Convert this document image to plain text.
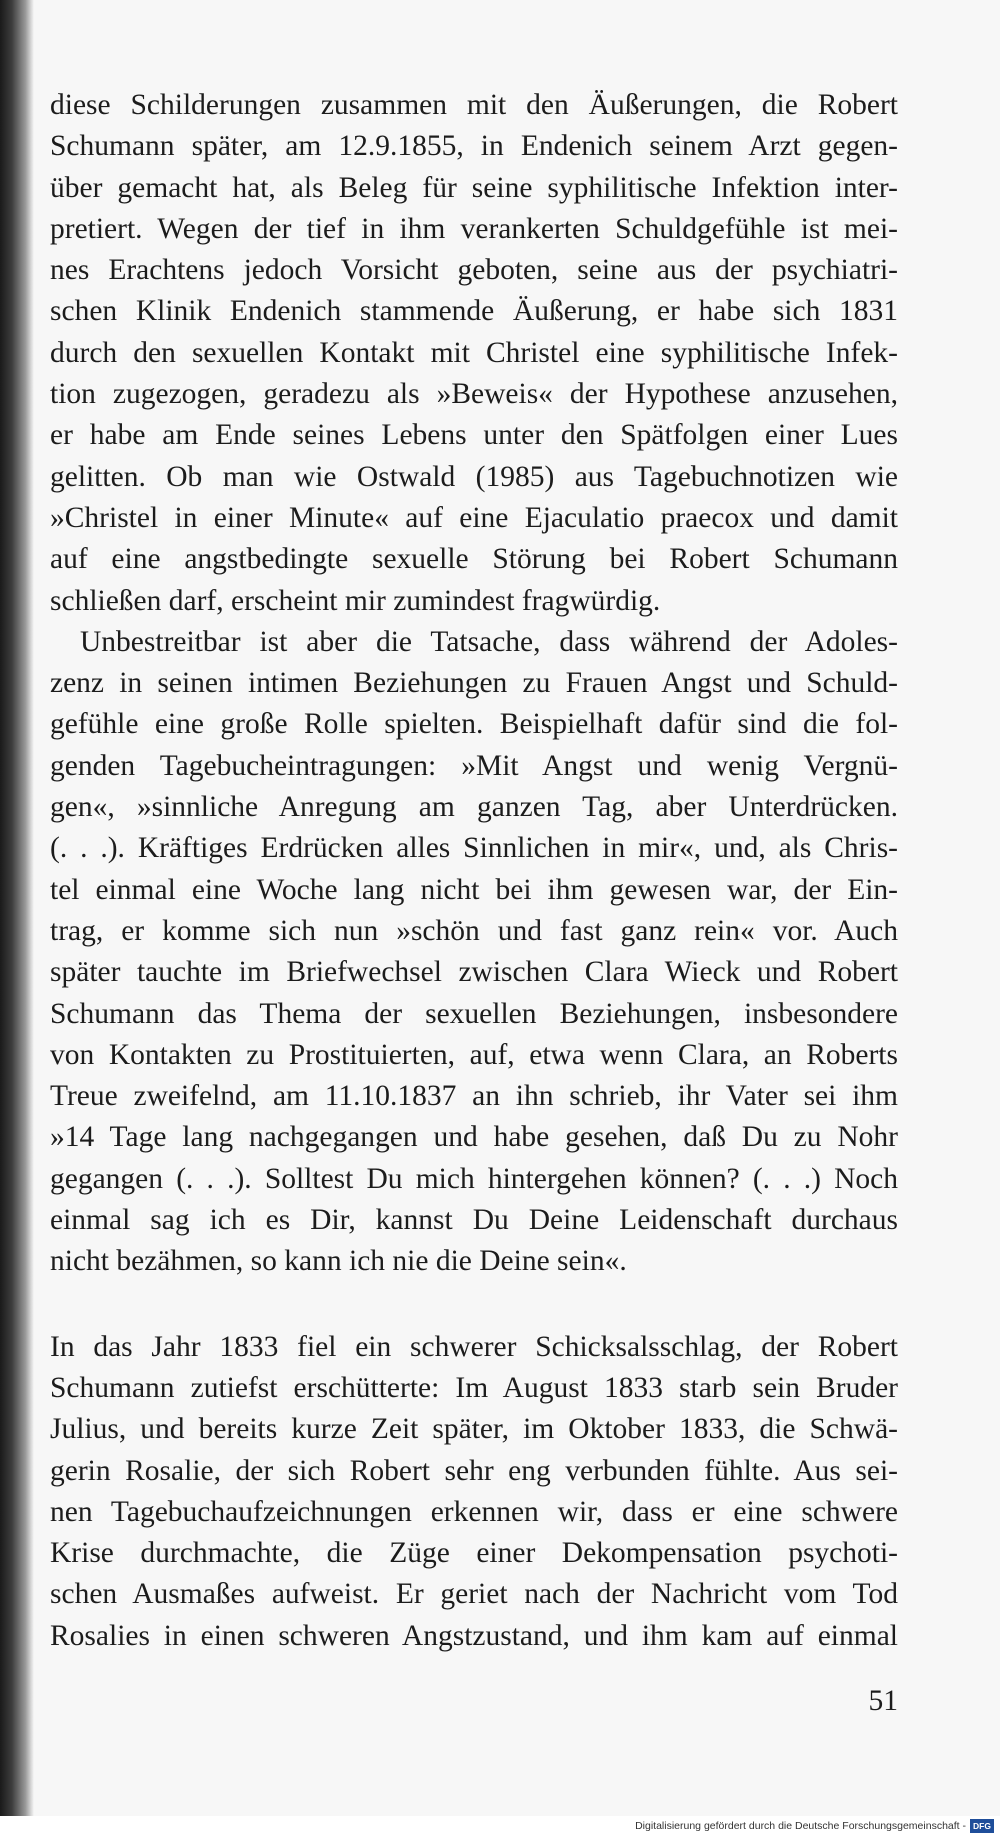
diese Schilderungen zusammen mit den Äußerungen, die Robert
Schumann später, am 12.9.1855, in Endenich seinem Arzt gegen-
über gemacht hat, als Beleg für seine syphilitische Infektion inter-
pretiert. Wegen der tief in ihm verankerten Schuldgefühle ist mei-
nes Erachtens jedoch Vorsicht geboten, seine aus der psychiatri-
schen Klinik Endenich stammende Äußerung, er habe sich 1831
durch den sexuellen Kontakt mit Christel eine syphilitische Infek-
tion zugezogen, geradezu als »Beweis« der Hypothese anzusehen,
er habe am Ende seines Lebens unter den Spätfolgen einer Lues
gelitten. Ob man wie Ostwald (1985) aus Tagebuchnotizen wie
»Christel in einer Minute« auf eine Ejaculatio praecox und damit
auf eine angstbedingte sexuelle Störung bei Robert Schumann
schließen darf, erscheint mir zumindest fragwürdig.
Unbestreitbar ist aber die Tatsache, dass während der Adoles-
zenz in seinen intimen Beziehungen zu Frauen Angst und Schuld-
gefühle eine große Rolle spielten. Beispielhaft dafür sind die fol-
genden Tagebucheintragungen: »Mit Angst und wenig Vergnü-
gen«, »sinnliche Anregung am ganzen Tag, aber Unterdrücken.
(. . .). Kräftiges Erdrücken alles Sinnlichen in mir«, und, als Chris-
tel einmal eine Woche lang nicht bei ihm gewesen war, der Ein-
trag, er komme sich nun »schön und fast ganz rein« vor. Auch
später tauchte im Briefwechsel zwischen Clara Wieck und Robert
Schumann das Thema der sexuellen Beziehungen, insbesondere
von Kontakten zu Prostituierten, auf, etwa wenn Clara, an Roberts
Treue zweifelnd, am 11.10.1837 an ihn schrieb, ihr Vater sei ihm
»14 Tage lang nachgegangen und habe gesehen, daß Du zu Nohr
gegangen (. . .). Solltest Du mich hintergehen können? (. . .) Noch
einmal sag ich es Dir, kannst Du Deine Leidenschaft durchaus
nicht bezähmen, so kann ich nie die Deine sein«.
In das Jahr 1833 fiel ein schwerer Schicksalsschlag, der Robert
Schumann zutiefst erschütterte: Im August 1833 starb sein Bruder
Julius, und bereits kurze Zeit später, im Oktober 1833, die Schwä-
gerin Rosalie, der sich Robert sehr eng verbunden fühlte. Aus sei-
nen Tagebuchaufzeichnungen erkennen wir, dass er eine schwere
Krise durchmachte, die Züge einer Dekompensation psychoti-
schen Ausmaßes aufweist. Er geriet nach der Nachricht vom Tod
Rosalies in einen schweren Angstzustand, und ihm kam auf einmal
51
Digitalisierung gefördert durch die Deutsche Forschungsgemeinschaft - DFG
